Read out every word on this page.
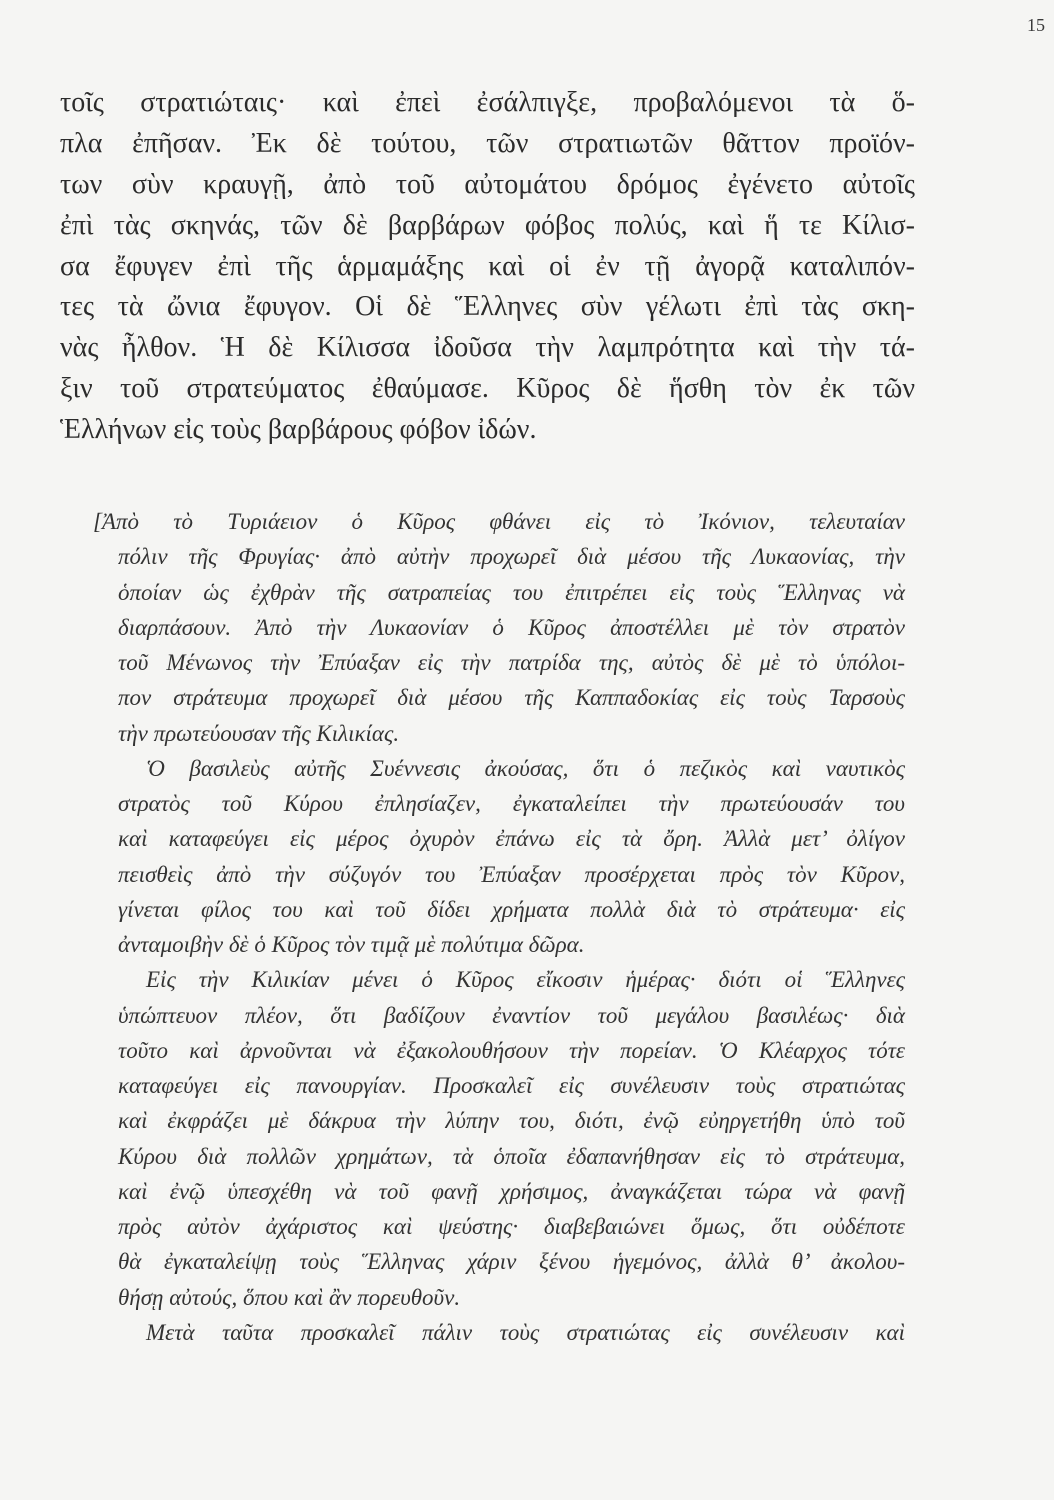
15
τοῖς στρατιώταις· καὶ ἐπεὶ ἐσάλπιγξε, προβαλόμενοι τὰ ὅ-
πλα ἐπῆσαν. Ἐκ δὲ τούτου, τῶν στρατιωτῶν θᾶττον προϊόν-
των σὺν κραυγῇ, ἀπὸ τοῦ αὐτομάτου δρόμος ἐγένετο αὐτοῖς
ἐπὶ τὰς σκηνάς, τῶν δὲ βαρβάρων φόβος πολύς, καὶ ἥ τε Κίλισ-
σα ἔφυγεν ἐπὶ τῆς ἁρμαμάξης καὶ οἱ ἐν τῇ ἀγορᾷ καταλιπόν-
τες τὰ ὤνια ἔφυγον. Οἱ δὲ Ἕλληνες σὺν γέλωτι ἐπὶ τὰς σκη-
νὰς ἦλθον. Ἡ δὲ Κίλισσα ἰδοῦσα τὴν λαμπρότητα καὶ τὴν τά-
ξιν τοῦ στρατεύματος ἐθαύμασε. Κῦρος δὲ ἥσθη τὸν ἐκ τῶν
Ἑλλήνων εἰς τοὺς βαρβάρους φόβον ἰδών.
[Ἀπὸ τὸ Τυριάειον ὁ Κῦρος φθάνει εἰς τὸ Ἰκόνιον, τελευταίαν
πόλιν τῆς Φρυγίας· ἀπὸ αὐτὴν προχωρεῖ διὰ μέσου τῆς Λυκαονίας, τὴν
ὁποίαν ὡς ἐχθρὰν τῆς σατραπείας του ἐπιτρέπει εἰς τοὺς Ἕλληνας νὰ
διαρπάσουν. Ἀπὸ τὴν Λυκαονίαν ὁ Κῦρος ἀποστέλλει μὲ τὸν στρατὸν
τοῦ Μένωνος τὴν Ἐπύαξαν εἰς τὴν πατρίδα της, αὐτὸς δὲ μὲ τὸ ὑπόλοι-
πον στράτευμα προχωρεῖ διὰ μέσου τῆς Καππαδοκίας εἰς τοὺς Ταρσοὺς
τὴν πρωτεύουσαν τῆς Κιλικίας.
Ὁ βασιλεὺς αὐτῆς Συέννεσις ἀκούσας, ὅτι ὁ πεζικὸς καὶ ναυτικὸς
στρατὸς τοῦ Κύρου ἐπλησίαζεν, ἐγκαταλείπει τὴν πρωτεύουσάν του
καὶ καταφεύγει εἰς μέρος ὀχυρὸν ἐπάνω εἰς τὰ ὄρη. Ἀλλὰ μετ’ ὀλίγον
πεισθεὶς ἀπὸ τὴν σύζυγόν του Ἐπύαξαν προσέρχεται πρὸς τὸν Κῦρον,
γίνεται φίλος του καὶ τοῦ δίδει χρήματα πολλὰ διὰ τὸ στράτευμα· εἰς
ἀνταμοιβὴν δὲ ὁ Κῦρος τὸν τιμᾷ μὲ πολύτιμα δῶρα.
Εἰς τὴν Κιλικίαν μένει ὁ Κῦρος εἴκοσιν ἡμέρας· διότι οἱ Ἕλληνες
ὑπώπτευον πλέον, ὅτι βαδίζουν ἐναντίον τοῦ μεγάλου βασιλέως· διὰ
τοῦτο καὶ ἀρνοῦνται νὰ ἐξακολουθήσουν τὴν πορείαν. Ὁ Κλέαρχος τότε
καταφεύγει εἰς πανουργίαν. Προσκαλεῖ εἰς συνέλευσιν τοὺς στρατιώτας
καὶ ἐκφράζει μὲ δάκρυα τὴν λύπην του, διότι, ἐνῷ εὐηργετήθη ὑπὸ τοῦ
Κύρου διὰ πολλῶν χρημάτων, τὰ ὁποῖα ἐδαπανήθησαν εἰς τὸ στράτευμα,
καὶ ἐνῷ ὑπεσχέθη νὰ τοῦ φανῇ χρήσιμος, ἀναγκάζεται τώρα νὰ φανῇ
πρὸς αὐτὸν ἀχάριστος καὶ ψεύστης· διαβεβαιώνει ὅμως, ὅτι οὐδέποτε
θὰ ἐγκαταλείψῃ τοὺς Ἕλληνας χάριν ξένου ἡγεμόνος, ἀλλὰ θ’ ἀκολου-
θήσῃ αὐτούς, ὅπου καὶ ἂν πορευθοῦν.
Μετὰ ταῦτα προσκαλεῖ πάλιν τοὺς στρατιώτας εἰς συνέλευσιν καὶ
